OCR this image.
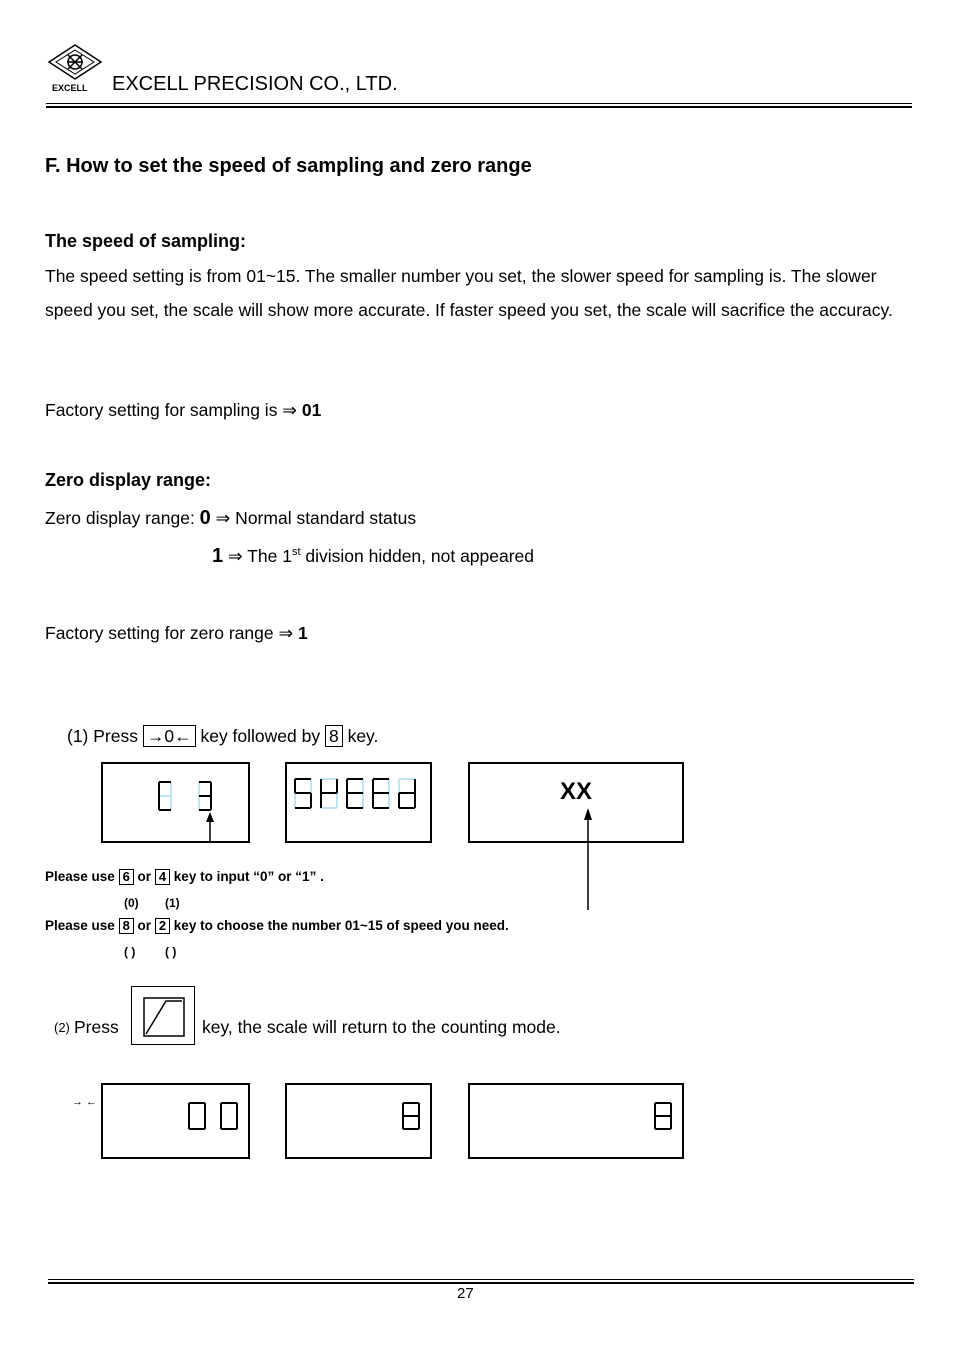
EXCELL EXCELL PRECISION CO., LTD.
F. How to set the speed of sampling and zero range
The speed of sampling:
The speed setting is from 01~15. The smaller number you set, the slower speed for sampling is. The slower speed you set, the scale will show more accurate. If faster speed you set, the scale will sacrifice the accuracy.
Factory setting for sampling is ⇒ 01
Zero display range:
Zero display range: 0 ⇒ Normal standard status
1 ⇒ The 1st division hidden, not appeared
Factory setting for zero range ⇒ 1
(1) Press →0← key followed by 8 key.
XX
Please use 6 or 4 key to input “0” or “1” .
(0) (1)
Please use 8 or 2 key to choose the number 01~15 of speed you need.
( ) ( )
(2) Press	key, the scale will return to the counting mode.
→ ←
27
